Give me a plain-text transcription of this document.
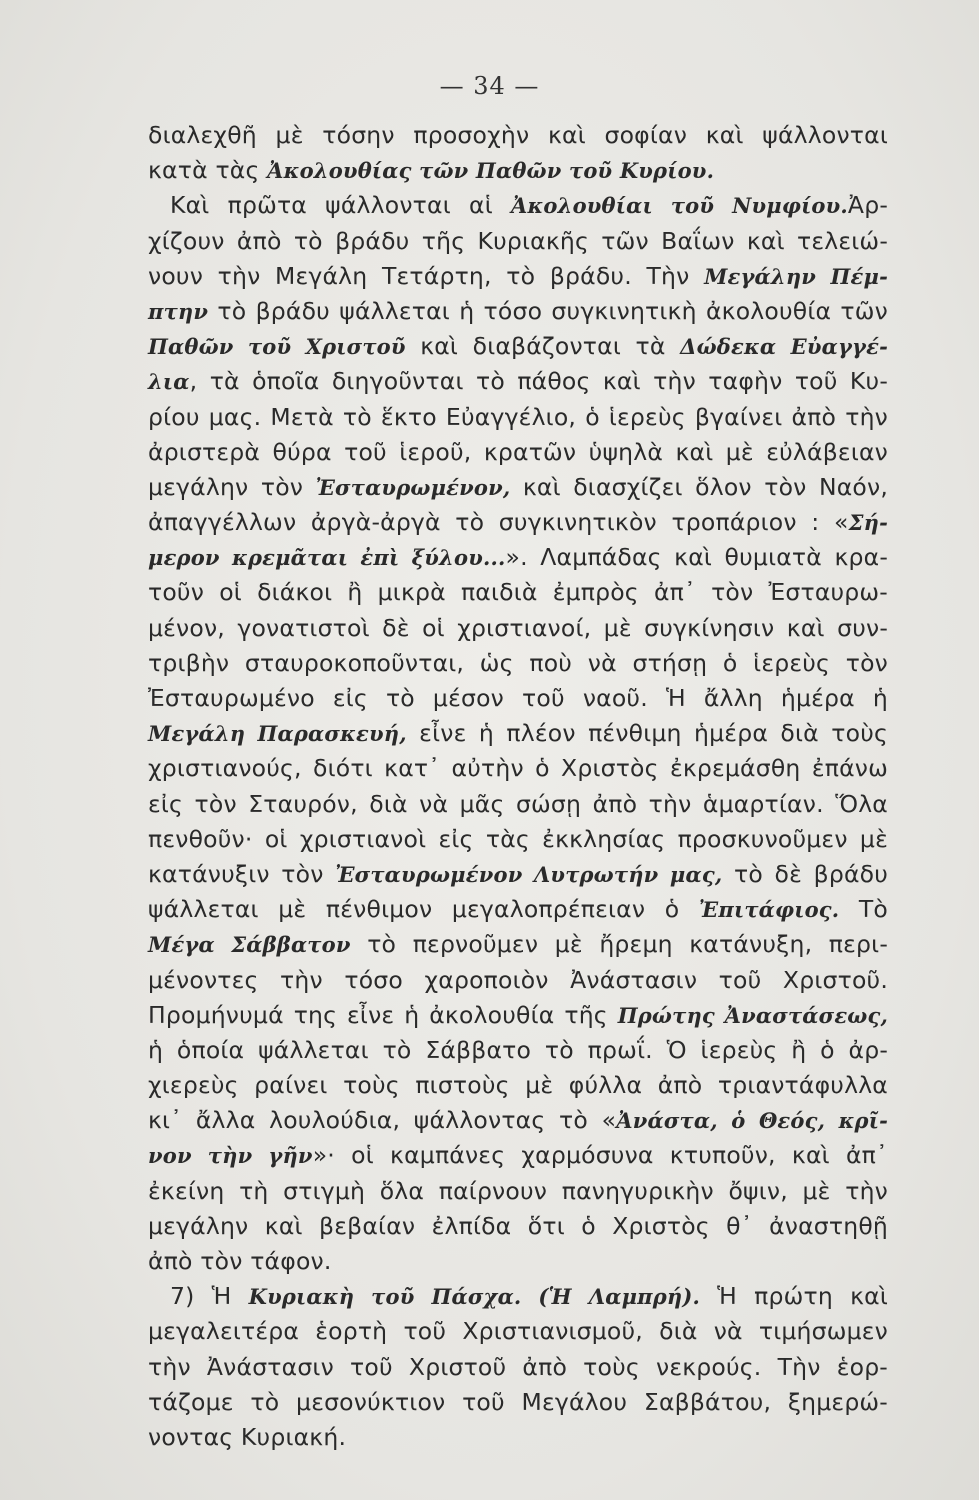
— 34 —
διαλεχθῆ μὲ τόσην προσοχὴν καὶ σοφίαν καὶ ψάλλονται
κατὰ τὰς Ἀκολουθίας τῶν Παθῶν τοῦ Κυρίου.
Καὶ πρῶτα ψάλλονται αἱ Ἀκολουθίαι τοῦ Νυμφίου.Ἀρ-
χίζουν ἀπὸ τὸ βράδυ τῆς Κυριακῆς τῶν Βαΐων καὶ τελειώ-
νουν τὴν Μεγάλη Τετάρτη, τὸ βράδυ. Τὴν Μεγάλην Πέμ-
πτην τὸ βράδυ ψάλλεται ἡ τόσο συγκινητικὴ ἀκολουθία τῶν
Παθῶν τοῦ Χριστοῦ καὶ διαβάζονται τὰ Δώδεκα Εὐαγγέ-
λια, τὰ ὁποῖα διηγοῦνται τὸ πάθος καὶ τὴν ταφὴν τοῦ Κυ-
ρίου μας. Μετὰ τὸ ἕκτο Εὐαγγέλιο, ὁ ἱερεὺς βγαίνει ἀπὸ τὴν
ἀριστερὰ θύρα τοῦ ἱεροῦ, κρατῶν ὑψηλὰ καὶ μὲ εὐλάβειαν
μεγάλην τὸν Ἐσταυρωμένον, καὶ διασχίζει ὅλον τὸν Ναόν,
ἀπαγγέλλων ἀργὰ-ἀργὰ τὸ συγκινητικὸν τροπάριον : «Σή-
μερον κρεμᾶται ἐπὶ ξύλου...». Λαμπάδας καὶ θυμιατὰ κρα-
τοῦν οἱ διάκοι ἢ μικρὰ παιδιὰ ἐμπρὸς ἀπ᾽ τὸν Ἐσταυρω-
μένον, γονατιστοὶ δὲ οἱ χριστιανοί, μὲ συγκίνησιν καὶ συν-
τριβὴν σταυροκοποῦνται, ὡς ποὺ νὰ στήσῃ ὁ ἱερεὺς τὸν
Ἐσταυρωμένο εἰς τὸ μέσον τοῦ ναοῦ. Ἡ ἄλλη ἡμέρα ἡ
Μεγάλη Παρασκευή, εἶνε ἡ πλέον πένθιμη ἡμέρα διὰ τοὺς
χριστιανούς, διότι κατ᾽ αὐτὴν ὁ Χριστὸς ἐκρεμάσθη ἐπάνω
εἰς τὸν Σταυρόν, διὰ νὰ μᾶς σώσῃ ἀπὸ τὴν ἁμαρτίαν. Ὅλα
πενθοῦν· οἱ χριστιανοὶ εἰς τὰς ἐκκλησίας προσκυνοῦμεν μὲ
κατάνυξιν τὸν Ἐσταυρωμένον Λυτρωτήν μας, τὸ δὲ βράδυ
ψάλλεται μὲ πένθιμον μεγαλοπρέπειαν ὁ Ἐπιτάφιος. Τὸ
Μέγα Σάββατον τὸ περνοῦμεν μὲ ἤρεμη κατάνυξη, περι-
μένοντες τὴν τόσο χαροποιὸν Ἀνάστασιν τοῦ Χριστοῦ.
Προμήνυμά της εἶνε ἡ ἀκολουθία τῆς Πρώτης Ἀναστάσεως,
ἡ ὁποία ψάλλεται τὸ Σάββατο τὸ πρωΐ. Ὁ ἱερεὺς ἢ ὁ ἀρ-
χιερεὺς ραίνει τοὺς πιστοὺς μὲ φύλλα ἀπὸ τριαντάφυλλα
κι᾽ ἄλλα λουλούδια, ψάλλοντας τὸ «Ἀνάστα, ὁ Θεός, κρῖ-
νον τὴν γῆν»· οἱ καμπάνες χαρμόσυνα κτυποῦν, καὶ ἀπ᾽
ἐκείνη τὴ στιγμὴ ὅλα παίρνουν πανηγυρικὴν ὄψιν, μὲ τὴν
μεγάλην καὶ βεβαίαν ἐλπίδα ὅτι ὁ Χριστὸς θ᾽ ἀναστηθῇ
ἀπὸ τὸν τάφον.
7) Ἡ Κυριακὴ τοῦ Πάσχα. (Ἡ Λαμπρή). Ἡ πρώτη καὶ
μεγαλειτέρα ἑορτὴ τοῦ Χριστιανισμοῦ, διὰ νὰ τιμήσωμεν
τὴν Ἀνάστασιν τοῦ Χριστοῦ ἀπὸ τοὺς νεκρούς. Τὴν ἑορ-
τάζομε τὸ μεσονύκτιον τοῦ Μεγάλου Σαββάτου, ξημερώ-
νοντας Κυριακή.
